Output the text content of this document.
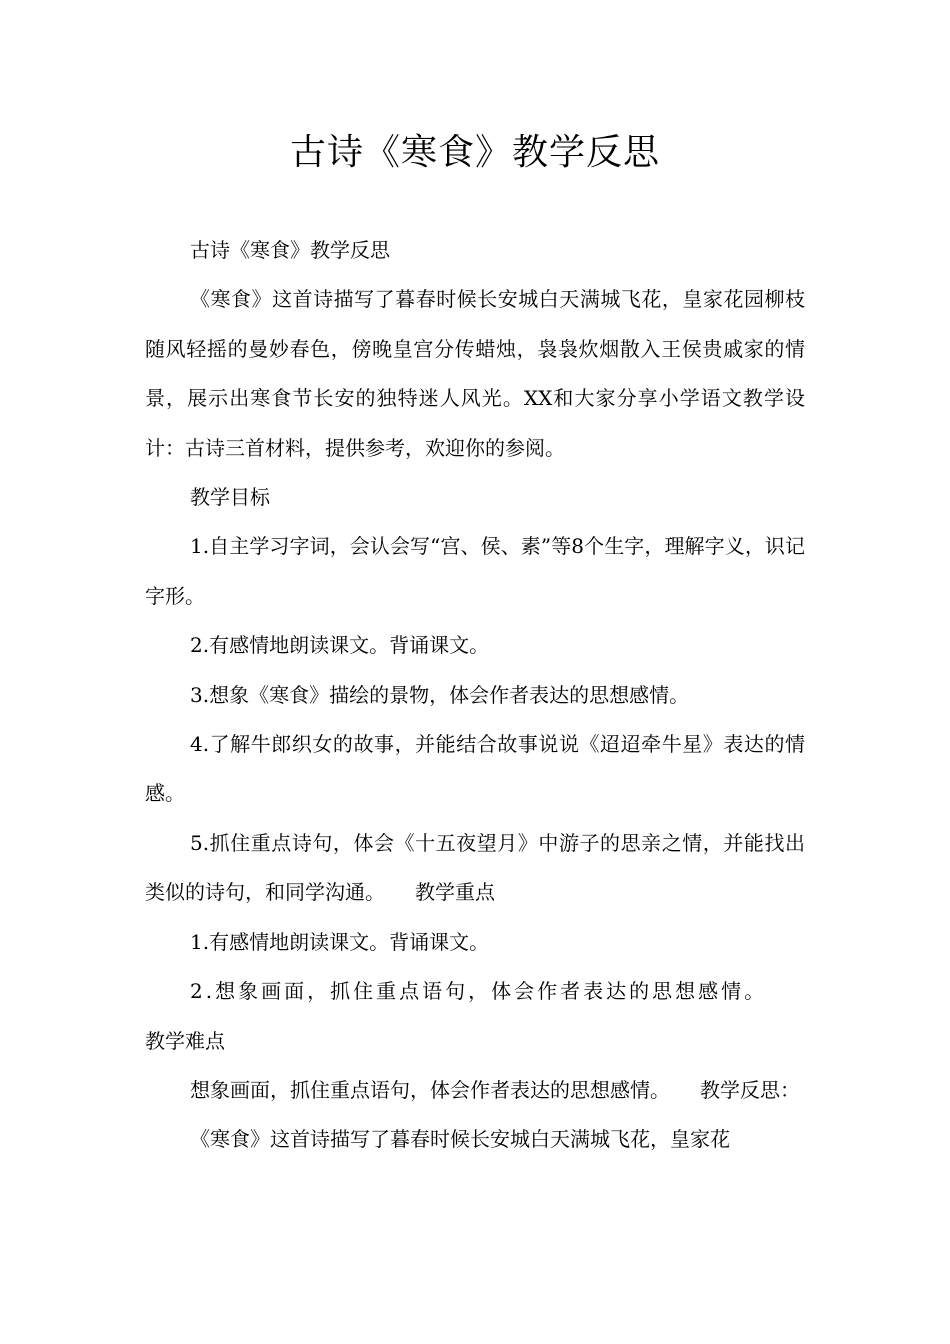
古诗《寒食》教学反思

古诗《寒食》教学反思

《寒食》这首诗描写了暮春时候长安城白天满城飞花，皇家花园柳枝随风轻摇的曼妙春色，傍晚皇宫分传蜡烛，袅袅炊烟散入王侯贵戚家的情景，展示出寒食节长安的独特迷人风光。XX和大家分享小学语文教学设计：古诗三首材料，提供参考，欢迎你的参阅。

教学目标

1.自主学习字词，会认会写“宫、侯、素”等8个生字，理解字义，识记字形。

2.有感情地朗读课文。背诵课文。

3.想象《寒食》描绘的景物，体会作者表达的思想感情。

4.了解牛郎织女的故事，并能结合故事说说《迢迢牵牛星》表达的情感。

5.抓住重点诗句，体会《十五夜望月》中游子的思亲之情，并能找出类似的诗句，和同学沟通。　　教学重点

1.有感情地朗读课文。背诵课文。

2.想象画面，抓住重点语句，体会作者表达的思想感情。

教学难点

想象画面，抓住重点语句，体会作者表达的思想感情。　　教学反思：

《寒食》这首诗描写了暮春时候长安城白天满城飞花，皇家花
